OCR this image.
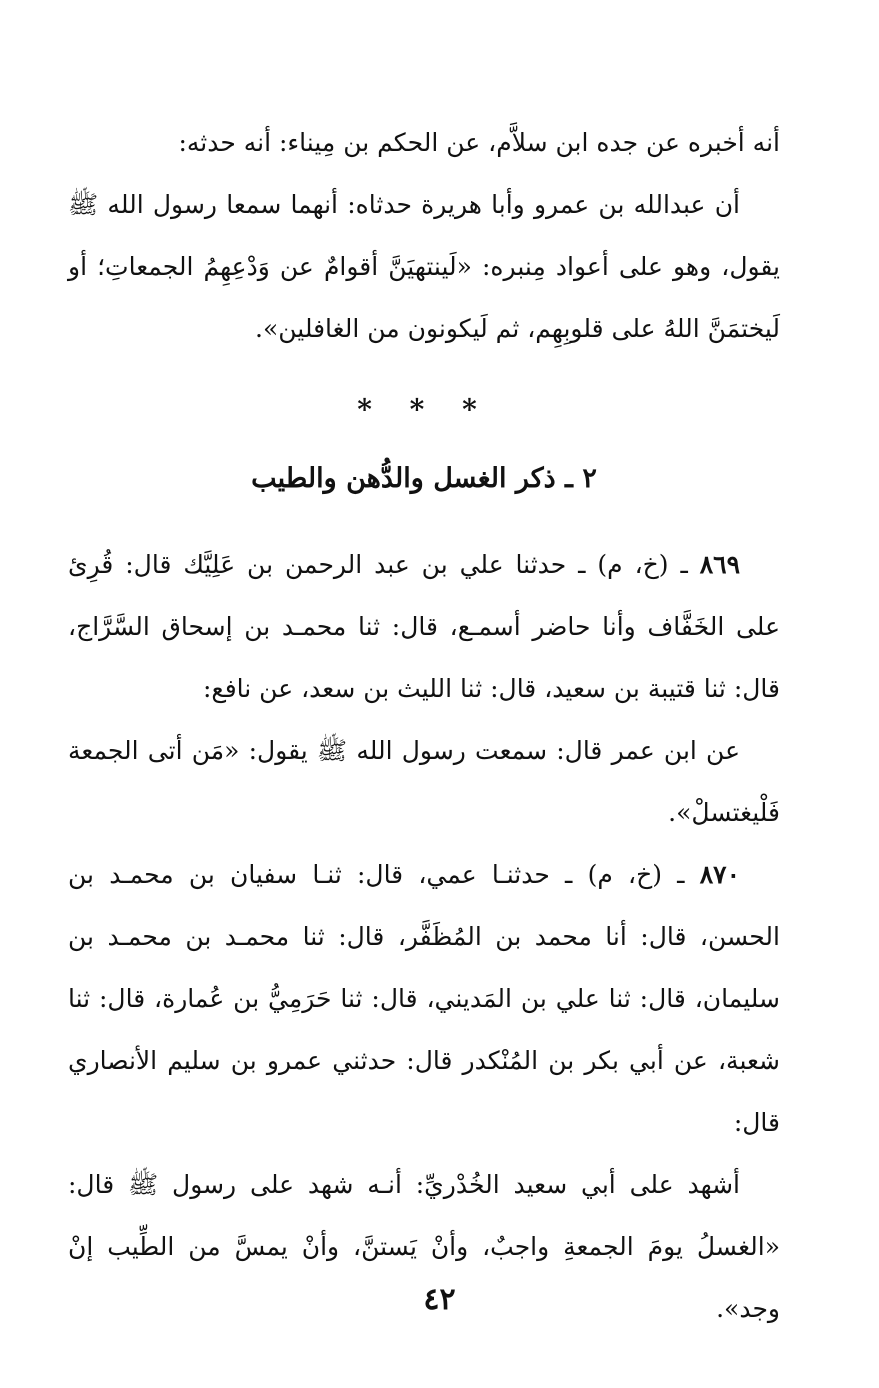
أنه أخبره عن جده ابن سلاَّم، عن الحكم بن مِيناء: أنه حدثه:

أن عبدالله بن عمرو وأبا هريرة حدثاه: أنهما سمعا رسول الله ﷺ يقول، وهو على أعواد مِنبره: «لَينتهيَنَّ أقوامٌ عن وَدْعِهِمُ الجمعاتِ؛ أو لَيختمَنَّ اللهُ على قلوبِهِم، ثم لَيكونون من الغافلين».

* * *
٢ ـ ذكر الغسل والدُّهن والطيب

٨٦٩ ـ (خ، م) ـ حدثنا علي بن عبد الرحمن بن عَلِيَّك قال: قُرِئ على الخَفَّاف وأنا حاضر أسمـع، قال: ثنا محمـد بن إسحاق السَّرَّاج، قال: ثنا قتيبة بن سعيد، قال: ثنا الليث بن سعد، عن نافع:

عن ابن عمر قال: سمعت رسول الله ﷺ يقول: «مَن أتى الجمعة فَلْيغتسلْ».

٨٧٠ ـ (خ، م) ـ حدثنـا عمي، قال: ثنـا سفيان بن محمـد بن الحسن، قال: أنا محمد بن المُظَفَّر، قال: ثنا محمـد بن محمـد بن سليمان، قال: ثنا علي بن المَديني، قال: ثنا حَرَمِيُّ بن عُمارة، قال: ثنا شعبة، عن أبي بكر بن المُنْكدر قال: حدثني عمرو بن سليم الأنصاري قال:

أشهد على أبي سعيد الخُدْريِّ: أنـه شهد على رسول ﷺ قال: «الغسلُ يومَ الجمعةِ واجبٌ، وأنْ يَستنَّ، وأنْ يمسَّ من الطِّيب إنْ وجد».

٤٢
